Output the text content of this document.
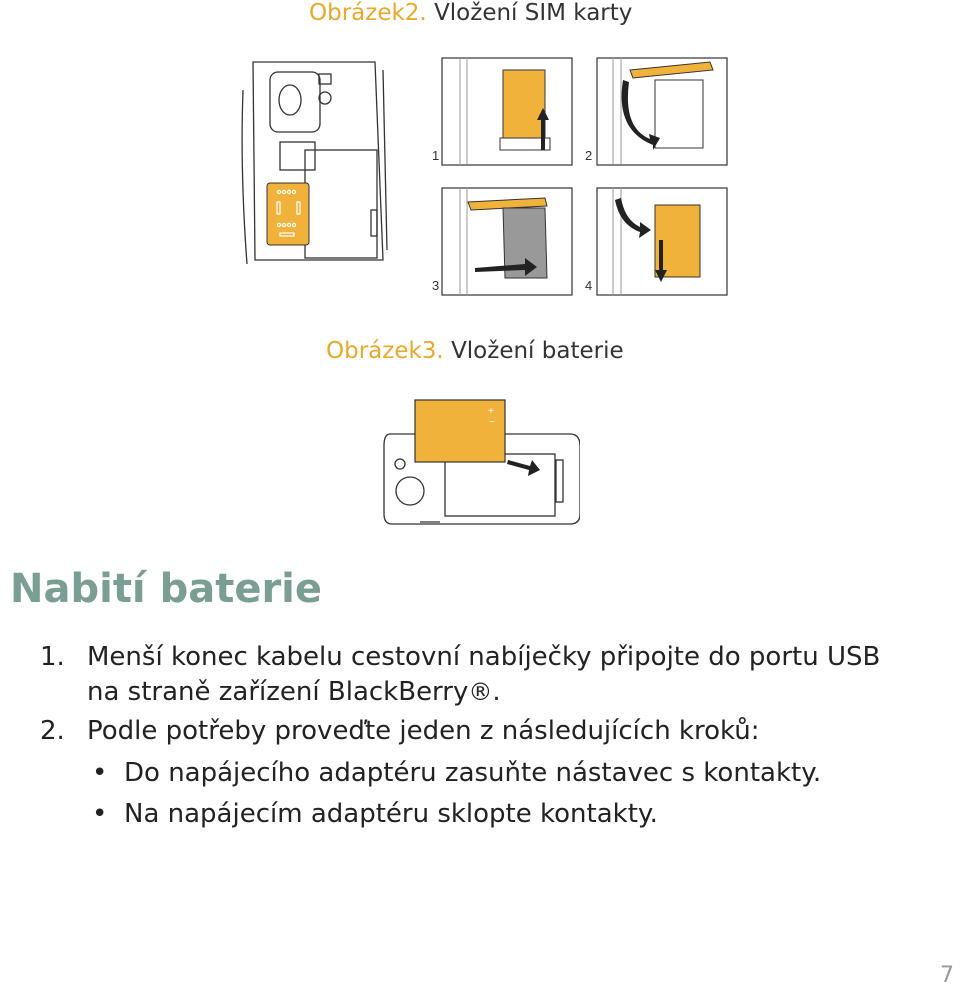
Obrázek2. Vložení SIM karty
1	2
3	4
Obrázek3. Vložení baterie
+
−
Nabití baterie
1. Menší konec kabelu cestovní nabíječky připojte do portu USB
na straně zařízení BlackBerry®.
2. Podle potřeby proveďte jeden z následujících kroků:
• Do napájecího adaptéru zasuňte nástavec s kontakty.
• Na napájecím adaptéru sklopte kontakty.
7
